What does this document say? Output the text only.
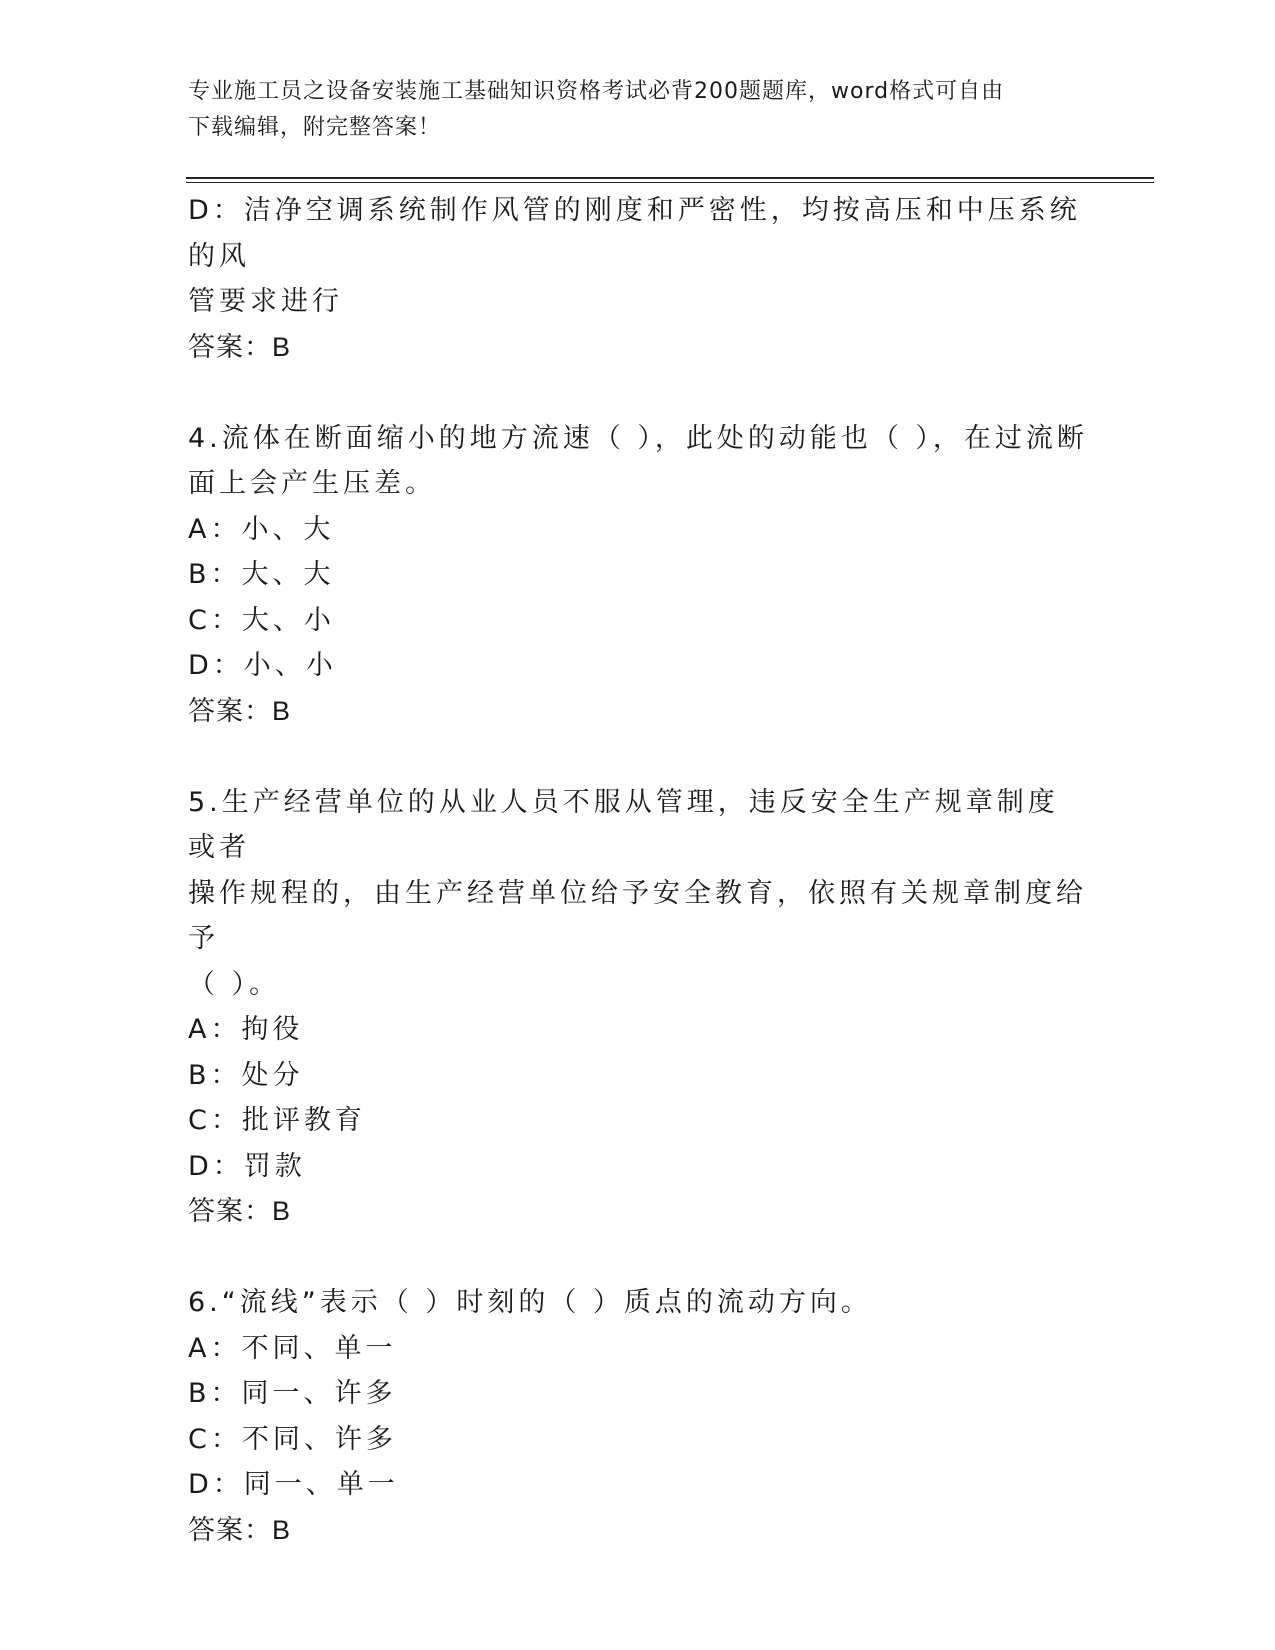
专业施工员之设备安装施工基础知识资格考试必背200题题库，word格式可自由
下载编辑，附完整答案！
D：洁净空调系统制作风管的刚度和严密性，均按高压和中压系统的风
管要求进行
答案：B
4.流体在断面缩小的地方流速（ ），此处的动能也（ ），在过流断
面上会产生压差。
A：小、大
B：大、大
C：大、小
D：小、小
答案：B
5.生产经营单位的从业人员不服从管理，违反安全生产规章制度或者
操作规程的，由生产经营单位给予安全教育，依照有关规章制度给予
（ ）。
A：拘役
B：处分
C：批评教育
D：罚款
答案：B
6.“流线”表示（ ）时刻的（ ）质点的流动方向。
A：不同、单一
B：同一、许多
C：不同、许多
D：同一、单一
答案：B
